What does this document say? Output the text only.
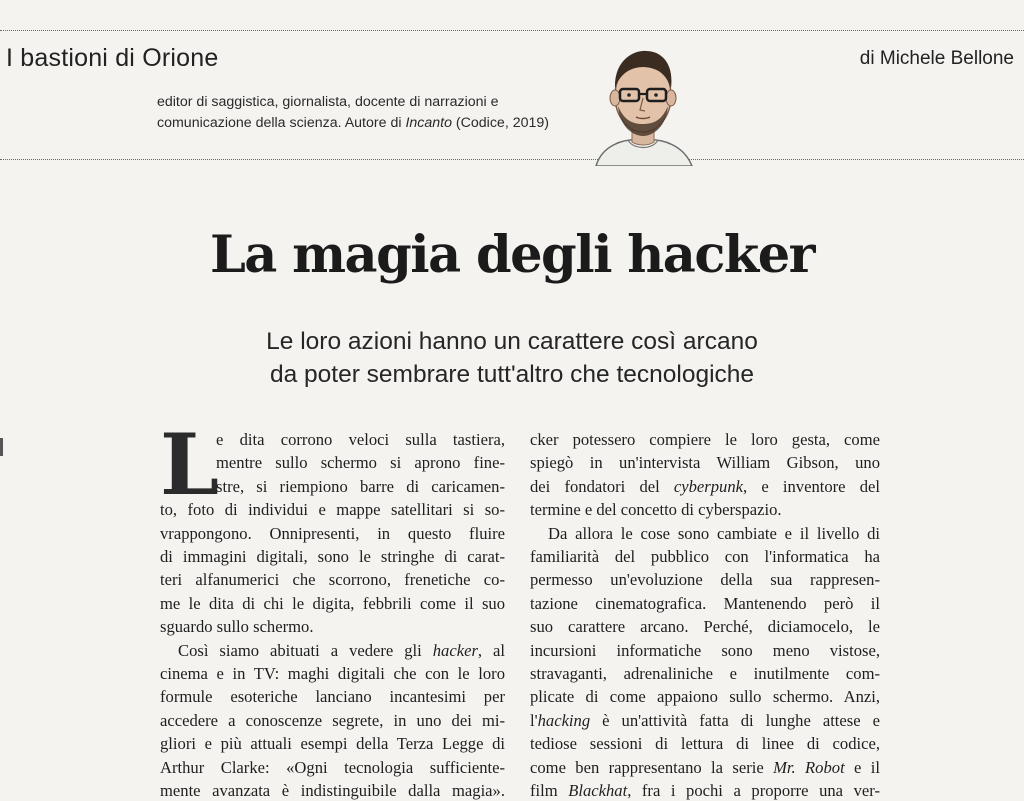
I bastioni di Orione	di Michele Bellone

editor di saggistica, giornalista, docente di narrazioni e

comunicazione della scienza. Autore di Incanto (Codice, 2019)

La magia degli hacker
Le loro azioni hanno un carattere così arcano
da poter sembrare tutt'altro che tecnologiche
L
e dita corrono veloci sulla tastiera,
mentre sullo schermo si aprono fine-
stre, si riempiono barre di caricamen-
to, foto di individui e mappe satellitari si so-
vrappongono. Onnipresenti, in questo fluire
di immagini digitali, sono le stringhe di carat-
teri alfanumerici che scorrono, frenetiche co-
me le dita di chi le digita, febbrili come il suo
sguardo sullo schermo.
Così siamo abituati a vedere gli hacker, al
cinema e in TV: maghi digitali che con le loro
formule esoteriche lanciano incantesimi per
accedere a conoscenze segrete, in uno dei mi-
gliori e più attuali esempi della Terza Legge di
Arthur Clarke: «Ogni tecnologia sufficiente-
mente avanzata è indistinguibile dalla magia».
cker potessero compiere le loro gesta, come
spiegò in un'intervista William Gibson, uno
dei fondatori del cyberpunk, e inventore del
termine e del concetto di cyberspazio.
Da allora le cose sono cambiate e il livello di
familiarità del pubblico con l'informatica ha
permesso un'evoluzione della sua rappresen-
tazione cinematografica. Mantenendo però il
suo carattere arcano. Perché, diciamocelo, le
incursioni informatiche sono meno vistose,
stravaganti, adrenaliniche e inutilmente com-
plicate di come appaiono sullo schermo. Anzi,
l'hacking è un'attività fatta di lunghe attese e
tediose sessioni di lettura di linee di codice,
come ben rappresentano la serie Mr. Robot e il
film Blackhat, fra i pochi a proporre una ver-
